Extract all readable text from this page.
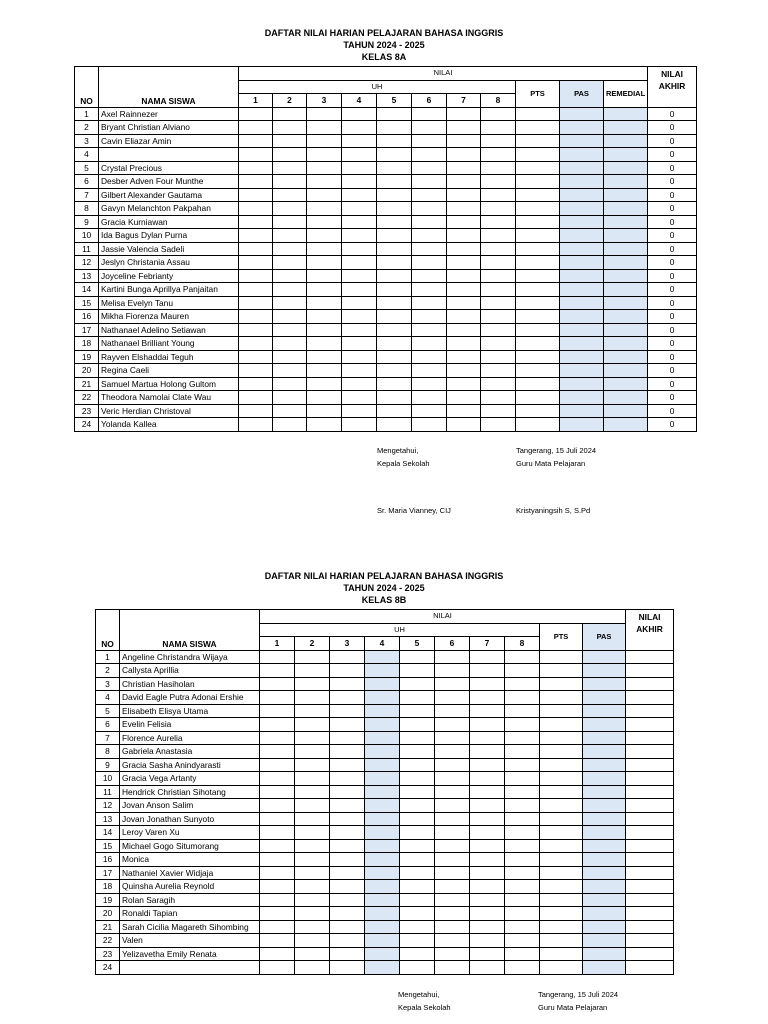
DAFTAR NILAI HARIAN PELAJARAN BAHASA INGGRIS
TAHUN 2024 - 2025
KELAS 8A
NO	NAMA SISWA	NILAI											NILAI
		UH								PTS	PAS	REMEDIAL	AKHIR
		1	2	3	4	5	6	7	8				
1	Axel Rainnezer												0
2	Bryant Christian Alviano												0
3	Cavin Eliazar Amin												0
4													0
5	Crystal Precious												0
6	Desber Adven Four Munthe												0
7	Gilbert Alexander Gautama												0
8	Gavyn Melanchton Pakpahan												0
9	Gracia Kurniawan												0
10	Ida Bagus Dylan Purna												0
11	Jassie Valencia Sadeli												0
12	Jeslyn Christania Assau												0
13	Joyceline Febrianty												0
14	Kartini Bunga Aprillya Panjaitan												0
15	Melisa Evelyn Tanu												0
16	Mikha Fiorenza Mauren												0
17	Nathanael Adelino Setiawan												0
18	Nathanael Brilliant Young												0
19	Rayven Elshaddai Teguh												0
20	Regina Caeli												0
21	Samuel Martua Holong Gultom												0
22	Theodora Namolai Clate Wau												0
23	Veric Herdian Christoval												0
24	Yolanda Kallea												0
Mengetahui,
Kepala Sekolah
Tangerang, 15 Juli 2024
Guru Mata Pelajaran
Sr. Maria Vianney, CIJ	Kristyaningsih S, S.Pd
DAFTAR NILAI HARIAN PELAJARAN BAHASA INGGRIS
TAHUN 2024 - 2025
KELAS 8B
NO	NAMA SISWA	NILAI										NILAI
		UH								PTS	PAS	AKHIR
		1	2	3	4	5	6	7	8			
1	Angeline Christandra Wijaya											
2	Callysta Aprillia											
3	Christian Hasiholan											
4	David Eagle Putra Adonai Ershie											
5	Elisabeth Elisya Utama											
6	Evelin Felisia											
7	Florence Aurelia											
8	Gabriela Anastasia											
9	Gracia Sasha Anindyarasti											
10	Gracia Vega Artanty											
11	Hendrick Christian Sihotang											
12	Jovan Anson Salim											
13	Jovan Jonathan Sunyoto											
14	Leroy Varen Xu											
15	Michael Gogo Situmorang											
16	Monica											
17	Nathaniel Xavier Widjaja											
18	Quinsha Aurelia Reynold											
19	Rolan Saragih											
20	Ronaldi Tapian											
21	Sarah Cicilia Magareth Sihombing											
22	Valen											
23	Yelizavetha Emily Renata											
24												
Mengetahui,
Kepala Sekolah
Tangerang, 15 Juli 2024
Guru Mata Pelajaran
